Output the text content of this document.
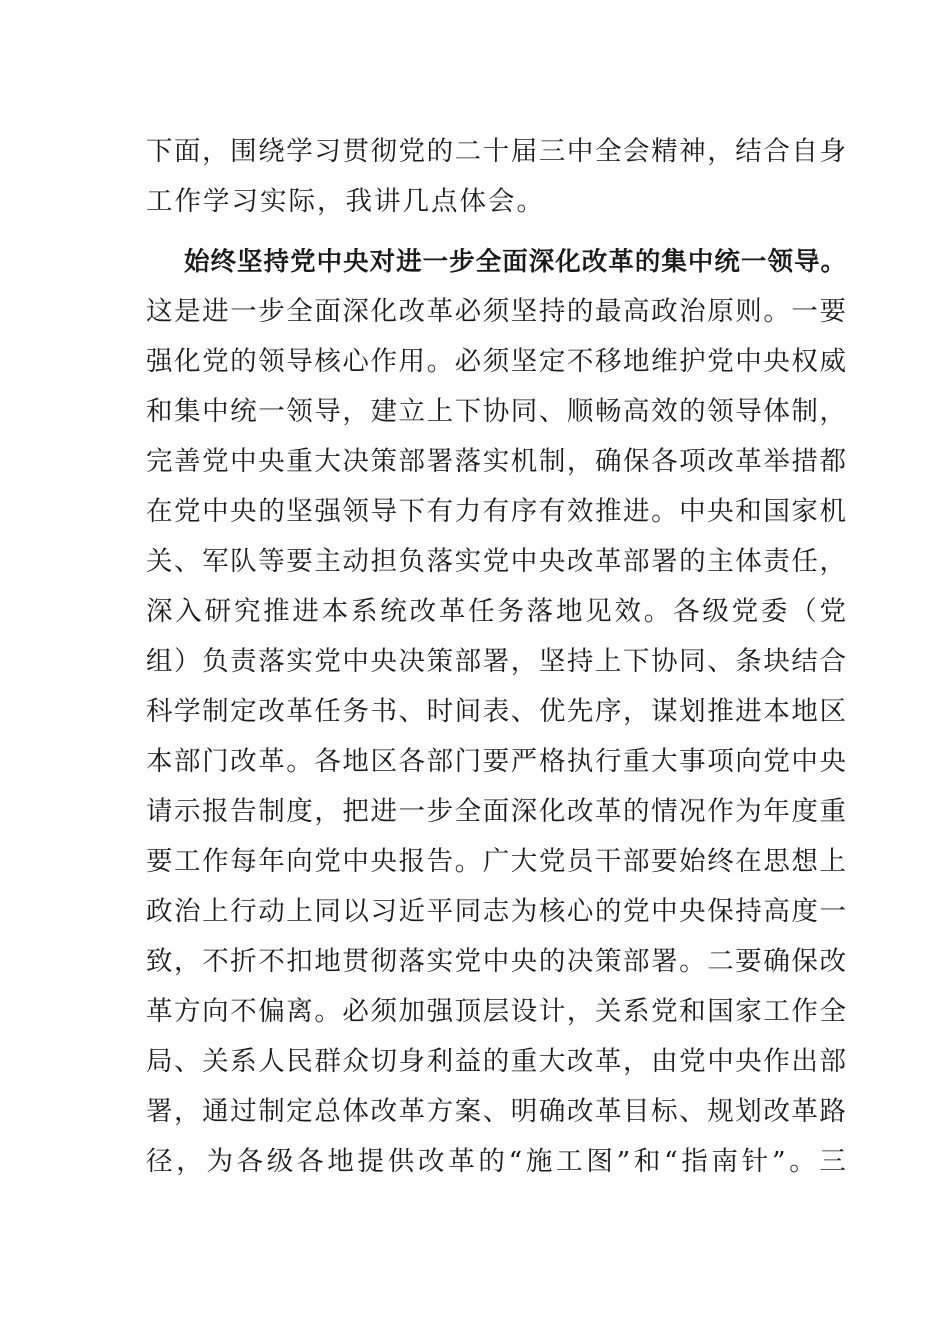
下面，围绕学习贯彻党的二十届三中全会精神，结合自身
工作学习实际，我讲几点体会。
始终坚持党中央对进一步全面深化改革的集中统一领导。
这是进一步全面深化改革必须坚持的最高政治原则。一要
强化党的领导核心作用。必须坚定不移地维护党中央权威
和集中统一领导，建立上下协同、顺畅高效的领导体制，
完善党中央重大决策部署落实机制，确保各项改革举措都
在党中央的坚强领导下有力有序有效推进。中央和国家机
关、军队等要主动担负落实党中央改革部署的主体责任，
深入研究推进本系统改革任务落地见效。各级党委（党
组）负责落实党中央决策部署，坚持上下协同、条块结合
科学制定改革任务书、时间表、优先序，谋划推进本地区
本部门改革。各地区各部门要严格执行重大事项向党中央
请示报告制度，把进一步全面深化改革的情况作为年度重
要工作每年向党中央报告。广大党员干部要始终在思想上
政治上行动上同以习近平同志为核心的党中央保持高度一
致，不折不扣地贯彻落实党中央的决策部署。二要确保改
革方向不偏离。必须加强顶层设计，关系党和国家工作全
局、关系人民群众切身利益的重大改革，由党中央作出部
署，通过制定总体改革方案、明确改革目标、规划改革路
径，为各级各地提供改革的“施工图”和“指南针”。三
